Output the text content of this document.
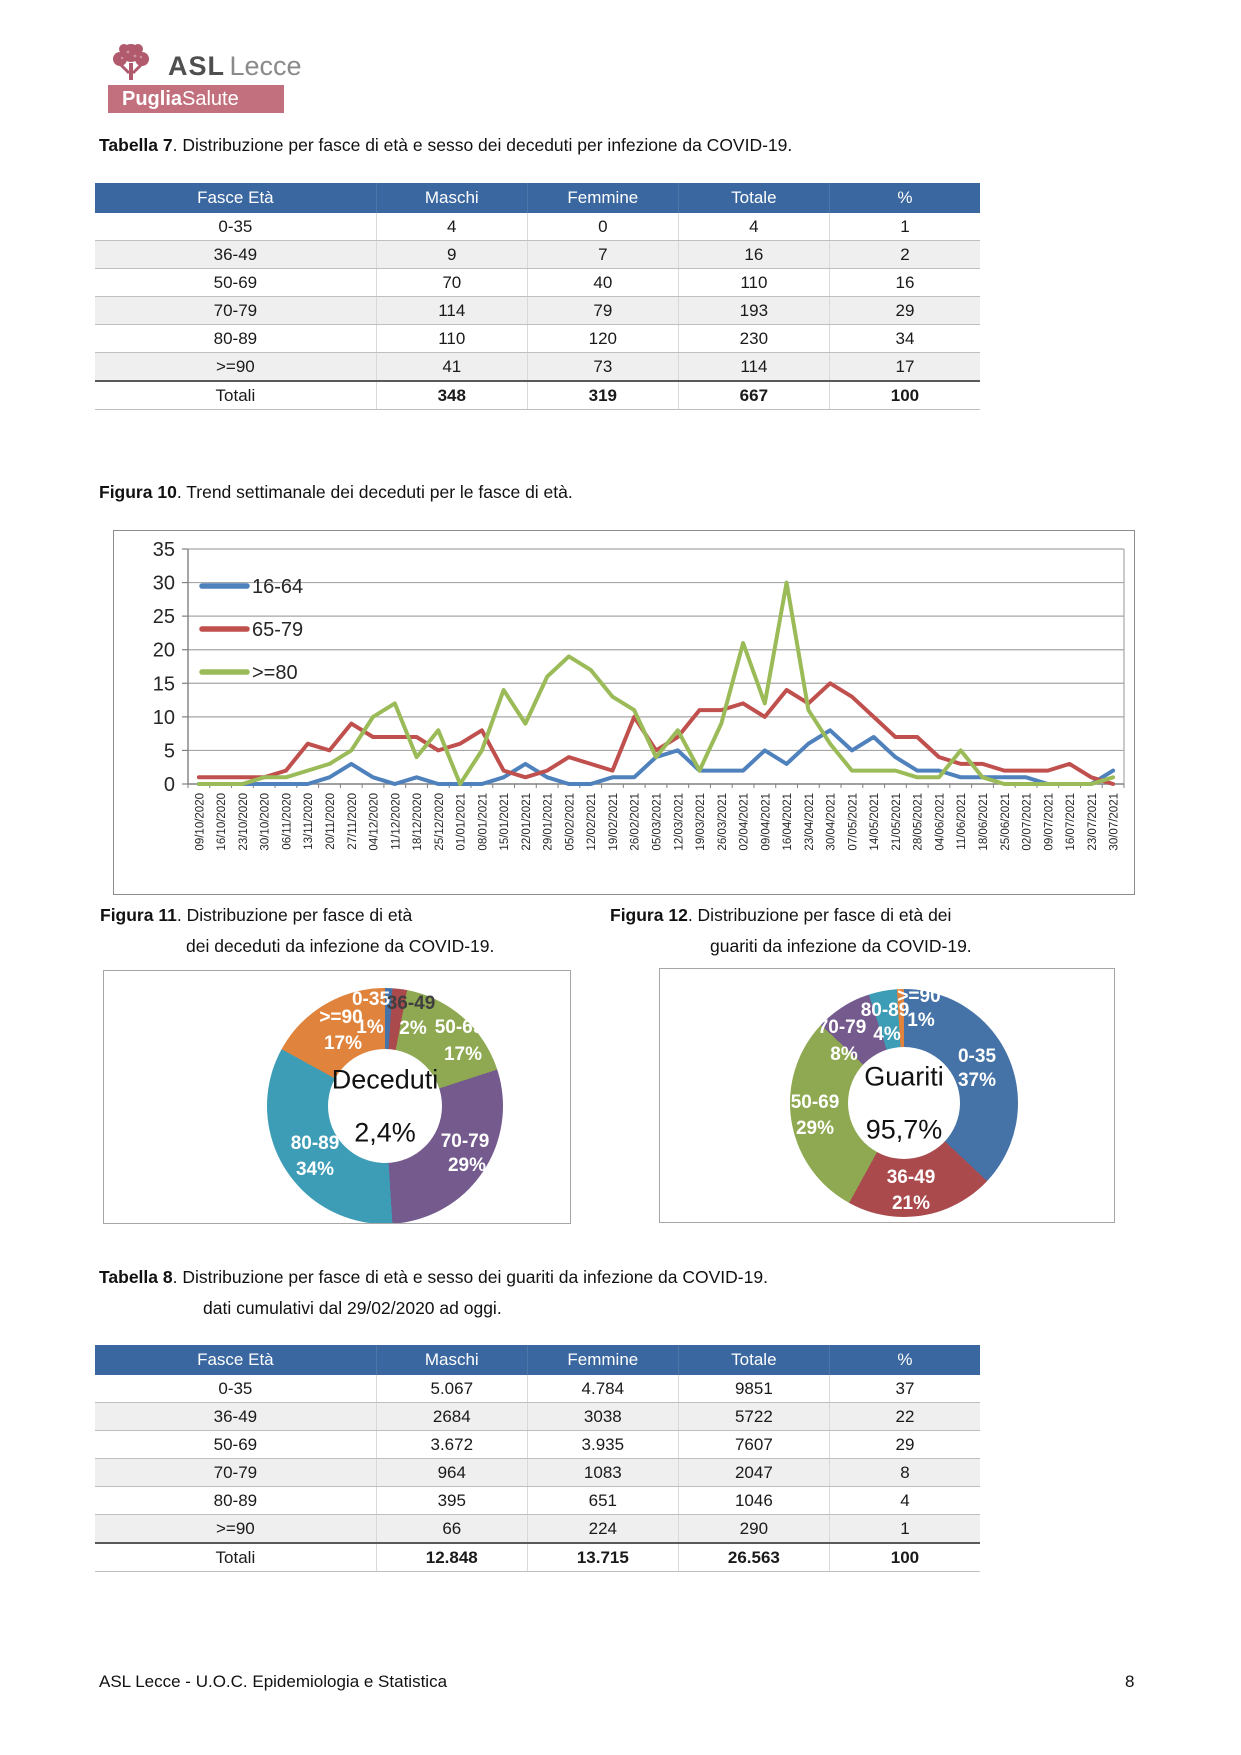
ASL Lecce
PugliaSalute
Tabella 7. Distribuzione per fasce di età e sesso dei deceduti per infezione da COVID-19.
Fasce Età	Maschi	Femmine	Totale	%
0-35	4	0	4	1
36-49	9	7	16	2
50-69	70	40	110	16
70-79	114	79	193	29
80-89	110	120	230	34
>=90	41	73	114	17
Totali	348	319	667	100
Figura 10. Trend settimanale dei deceduti per le fasce di età.
0
5
10
15
20
25
30
35
09/10/2020 16/10/2020 23/10/2020 30/10/2020 06/11/2020 13/11/2020 20/11/2020 27/11/2020 04/12/2020 11/12/2020 18/12/2020 25/12/2020 01/01/2021 08/01/2021 15/01/2021 22/01/2021 29/01/2021 05/02/2021 12/02/2021 19/02/2021 26/02/2021 05/03/2021 12/03/2021 19/03/2021 26/03/2021 02/04/2021 09/04/2021 16/04/2021 23/04/2021 30/04/2021 07/05/2021 14/05/2021 21/05/2021 28/05/2021 04/06/2021 11/06/2021 18/06/2021 25/06/2021 02/07/2021 09/07/2021 16/07/2021 23/07/2021 30/07/2021
16-64
65-79
>=80
Figura 11. Distribuzione per fasce di età
dei deceduti da infezione da COVID-19.
Figura 12. Distribuzione per fasce di età dei
guariti da infezione da COVID-19.
Deceduti
2,4%
0-35
1%
36-49
2% 50-69
17%
70-79
29%
80-89
34%
>=90
17%
Guariti
95,7%
0-35
37%
36-49
21%
50-69
29%
70-79
8%
80-89
4%
>=90
1%
Tabella 8. Distribuzione per fasce di età e sesso dei guariti da infezione da COVID-19.
dati cumulativi dal 29/02/2020 ad oggi.
Fasce Età	Maschi	Femmine	Totale	%
0-35	5.067	4.784	9851	37
36-49	2684	3038	5722	22
50-69	3.672	3.935	7607	29
70-79	964	1083	2047	8
80-89	395	651	1046	4
>=90	66	224	290	1
Totali	12.848	13.715	26.563	100
ASL Lecce - U.O.C. Epidemiologia e Statistica	8
